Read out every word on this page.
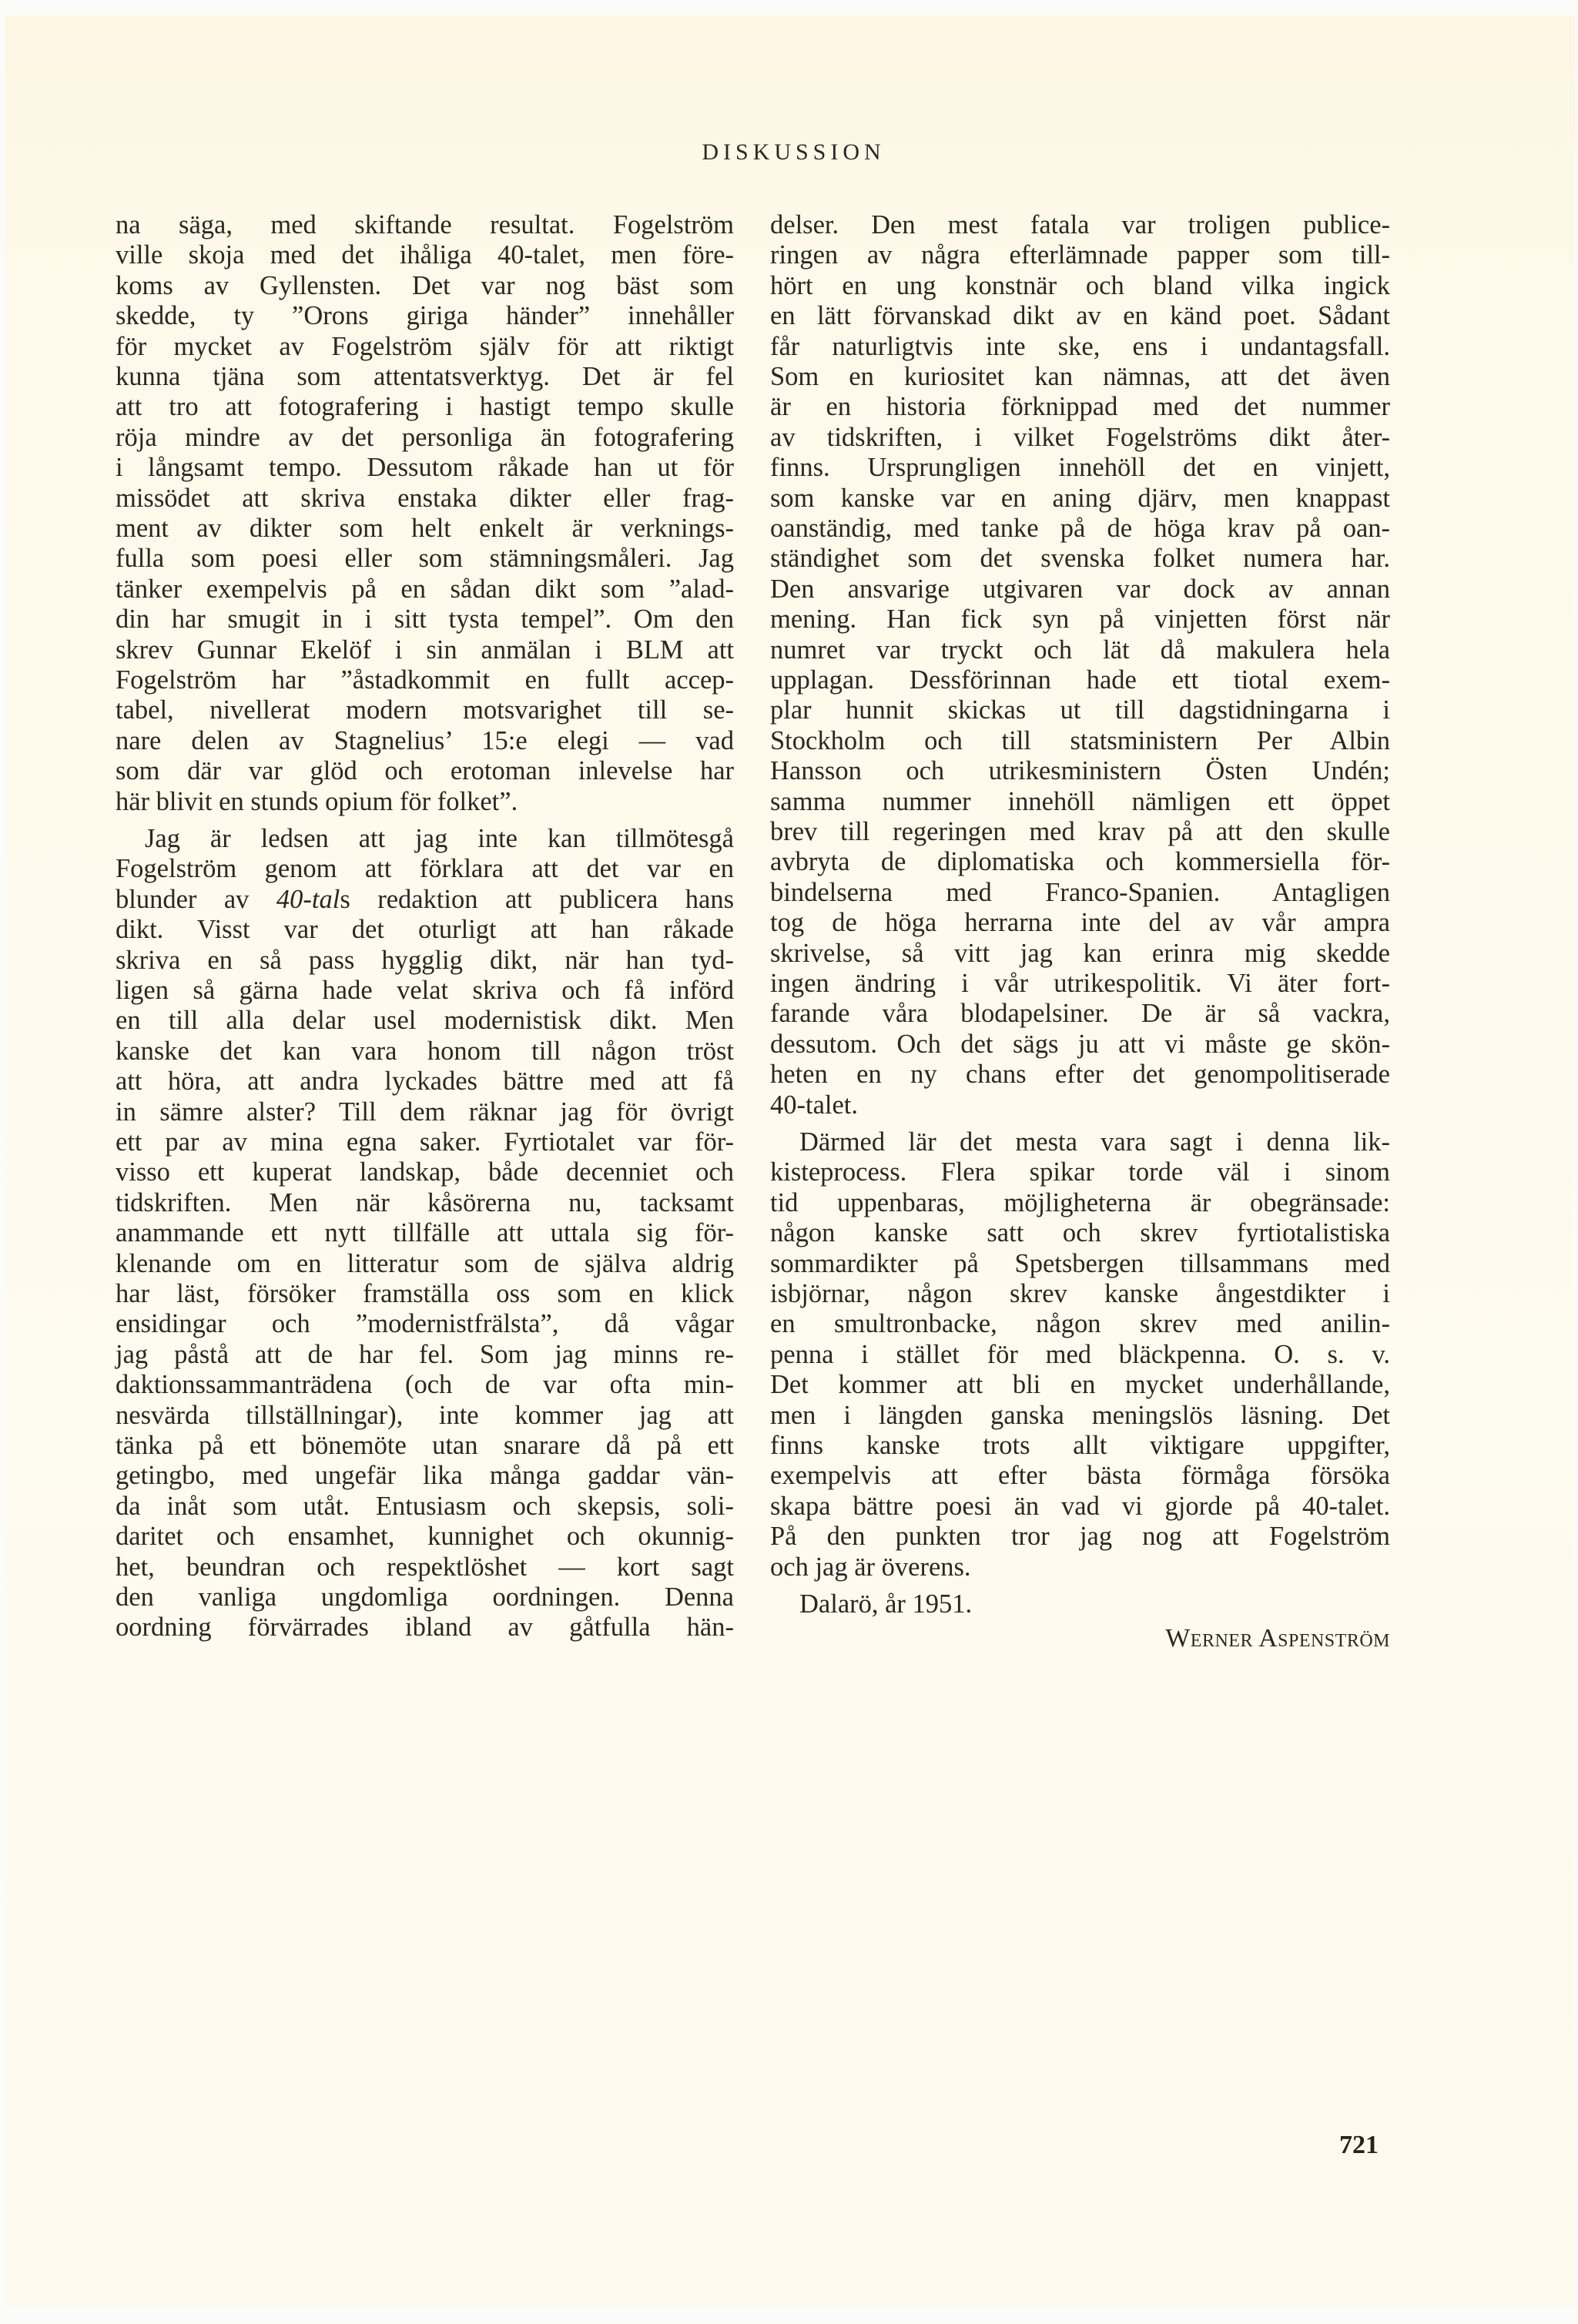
DISKUSSION
na säga, med skiftande resultat. Fogelström
ville skoja med det ihåliga 40-talet, men före-
koms av Gyllensten. Det var nog bäst som
skedde, ty ”Orons giriga händer” innehåller
för mycket av Fogelström själv för att riktigt
kunna tjäna som attentatsverktyg. Det är fel
att tro att fotografering i hastigt tempo skulle
röja mindre av det personliga än fotografering
i långsamt tempo. Dessutom råkade han ut för
missödet att skriva enstaka dikter eller frag-
ment av dikter som helt enkelt är verknings-
fulla som poesi eller som stämningsmåleri. Jag
tänker exempelvis på en sådan dikt som ”alad-
din har smugit in i sitt tysta tempel”. Om den
skrev Gunnar Ekelöf i sin anmälan i BLM att
Fogelström har ”åstadkommit en fullt accep-
tabel, nivellerat modern motsvarighet till se-
nare delen av Stagnelius’ 15:e elegi — vad
som där var glöd och erotoman inlevelse har
här blivit en stunds opium för folket”.
Jag är ledsen att jag inte kan tillmötesgå
Fogelström genom att förklara att det var en
blunder av 40-tals redaktion att publicera hans
dikt. Visst var det oturligt att han råkade
skriva en så pass hygglig dikt, när han tyd-
ligen så gärna hade velat skriva och få införd
en till alla delar usel modernistisk dikt. Men
kanske det kan vara honom till någon tröst
att höra, att andra lyckades bättre med att få
in sämre alster? Till dem räknar jag för övrigt
ett par av mina egna saker. Fyrtiotalet var för-
visso ett kuperat landskap, både decenniet och
tidskriften. Men när kåsörerna nu, tacksamt
anammande ett nytt tillfälle att uttala sig för-
klenande om en litteratur som de själva aldrig
har läst, försöker framställa oss som en klick
ensidingar och ”modernistfrälsta”, då vågar
jag påstå att de har fel. Som jag minns re-
daktionssammanträdena (och de var ofta min-
nesvärda tillställningar), inte kommer jag att
tänka på ett bönemöte utan snarare då på ett
getingbo, med ungefär lika många gaddar vän-
da inåt som utåt. Entusiasm och skepsis, soli-
daritet och ensamhet, kunnighet och okunnig-
het, beundran och respektlöshet — kort sagt
den vanliga ungdomliga oordningen. Denna
oordning förvärrades ibland av gåtfulla hän-	Werner Aspenström
delser. Den mest fatala var troligen publice-
ringen av några efterlämnade papper som till-
hört en ung konstnär och bland vilka ingick
en lätt förvanskad dikt av en känd poet. Sådant
får naturligtvis inte ske, ens i undantagsfall.
Som en kuriositet kan nämnas, att det även
är en historia förknippad med det nummer
av tidskriften, i vilket Fogelströms dikt åter-
finns. Ursprungligen innehöll det en vinjett,
som kanske var en aning djärv, men knappast
oanständig, med tanke på de höga krav på oan-
ständighet som det svenska folket numera har.
Den ansvarige utgivaren var dock av annan
mening. Han fick syn på vinjetten först när
numret var tryckt och lät då makulera hela
upplagan. Dessförinnan hade ett tiotal exem-
plar hunnit skickas ut till dagstidningarna i
Stockholm och till statsministern Per Albin
Hansson och utrikesministern Östen Undén;
samma nummer innehöll nämligen ett öppet
brev till regeringen med krav på att den skulle
avbryta de diplomatiska och kommersiella för-
bindelserna med Franco-Spanien. Antagligen
tog de höga herrarna inte del av vår ampra
skrivelse, så vitt jag kan erinra mig skedde
ingen ändring i vår utrikespolitik. Vi äter fort-
farande våra blodapelsiner. De är så vackra,
dessutom. Och det sägs ju att vi måste ge skön-
heten en ny chans efter det genompolitiserade
40-talet.
Därmed lär det mesta vara sagt i denna lik-
kisteprocess. Flera spikar torde väl i sinom
tid uppenbaras, möjligheterna är obegränsade:
någon kanske satt och skrev fyrtiotalistiska
sommardikter på Spetsbergen tillsammans med
isbjörnar, någon skrev kanske ångestdikter i
en smultronbacke, någon skrev med anilin-
penna i stället för med bläckpenna. O. s. v.
Det kommer att bli en mycket underhållande,
men i längden ganska meningslös läsning. Det
finns kanske trots allt viktigare uppgifter,
exempelvis att efter bästa förmåga försöka
skapa bättre poesi än vad vi gjorde på 40-talet.
På den punkten tror jag nog att Fogelström
och jag är överens.
Dalarö, år 1951.
721
